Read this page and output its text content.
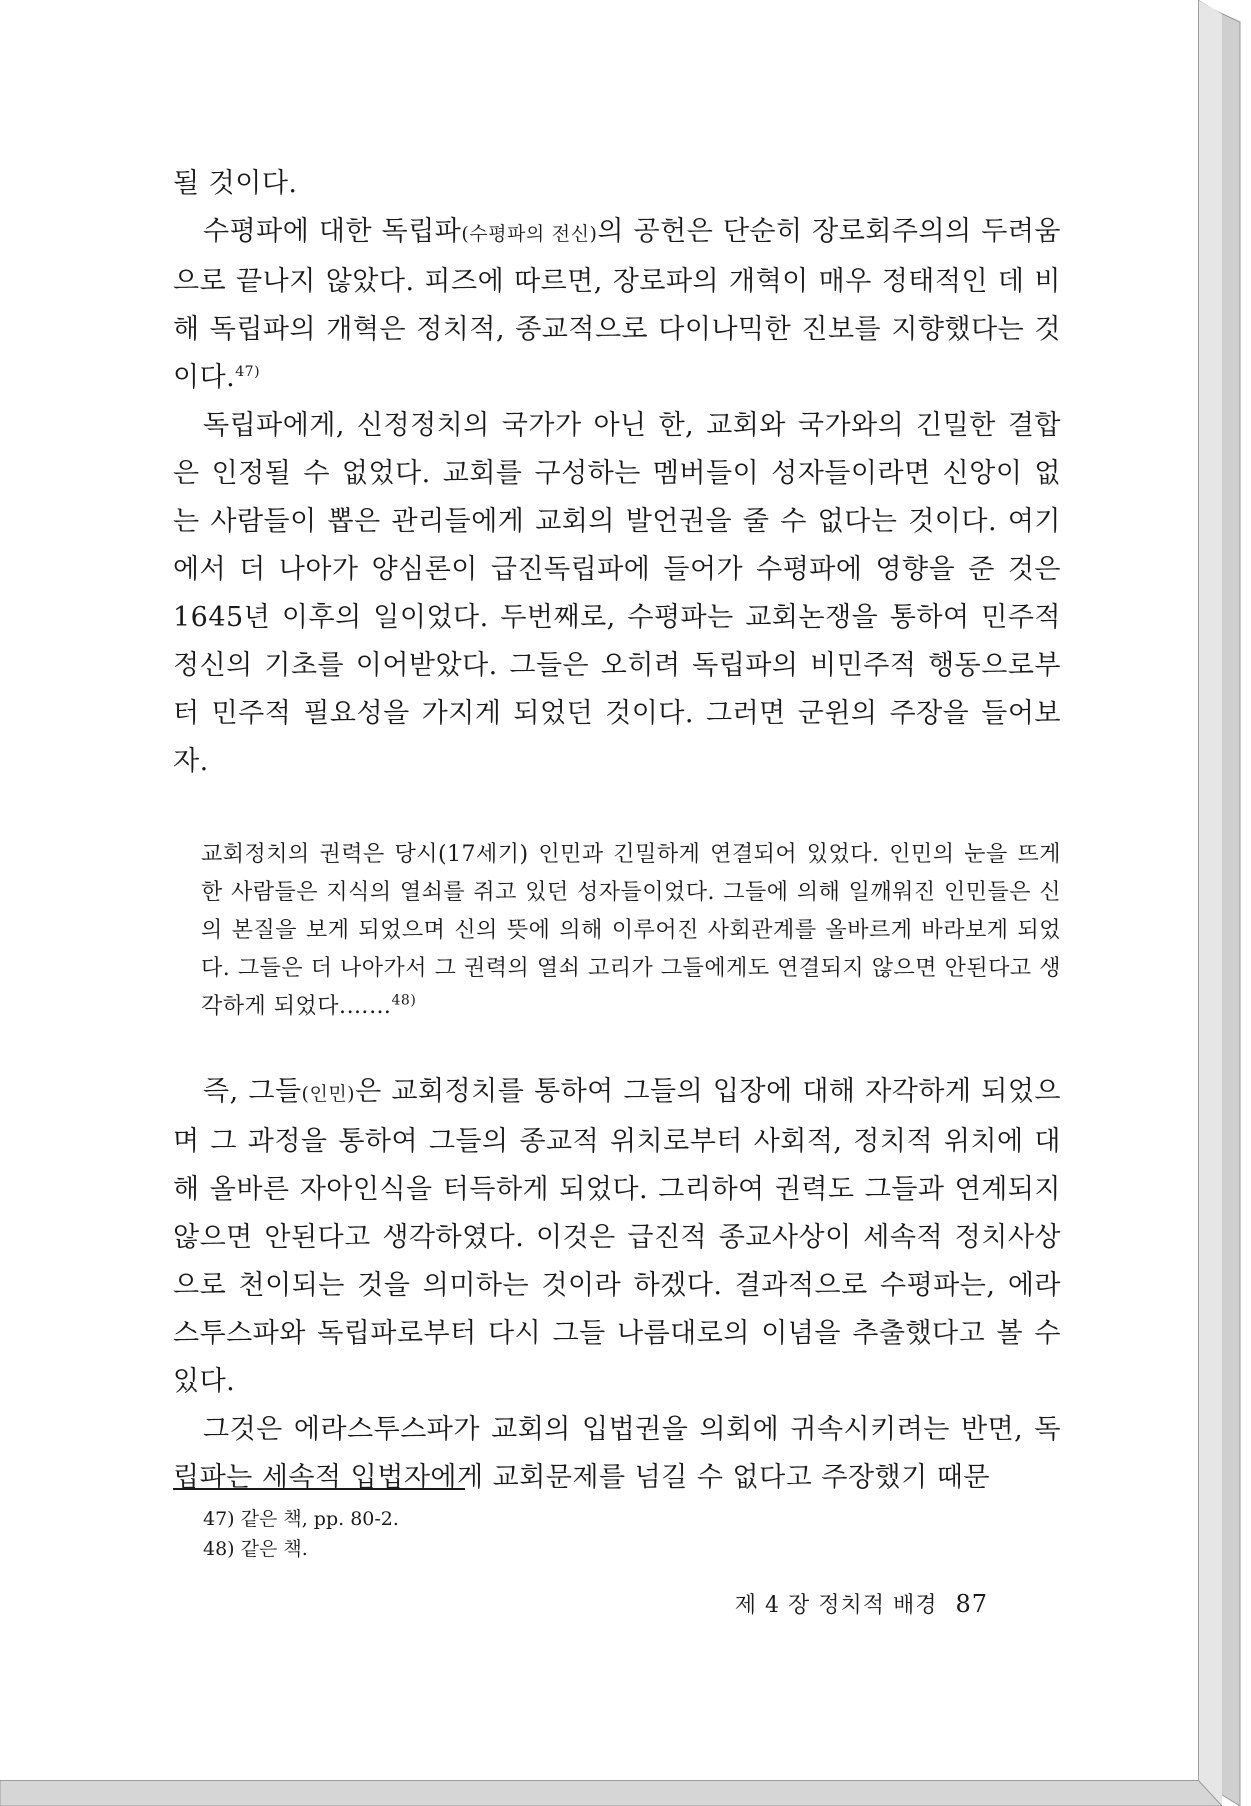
될 것이다.

수평파에 대한 독립파(수평파의 전신)의 공헌은 단순히 장로회주의의 두려움으로 끝나지 않았다. 피즈에 따르면, 장로파의 개혁이 매우 정태적인 데 비해 독립파의 개혁은 정치적, 종교적으로 다이나믹한 진보를 지향했다는 것이다.$^{47)}$

독립파에게, 신정정치의 국가가 아닌 한, 교회와 국가와의 긴밀한 결합은 인정될 수 없었다. 교회를 구성하는 멤버들이 성자들이라면 신앙이 없는 사람들이 뽑은 관리들에게 교회의 발언권을 줄 수 없다는 것이다. 여기에서 더 나아가 양심론이 급진독립파에 들어가 수평파에 영향을 준 것은 1645년 이후의 일이었다. 두번째로, 수평파는 교회논쟁을 통하여 민주적 정신의 기초를 이어받았다. 그들은 오히려 독립파의 비민주적 행동으로부터 민주적 필요성을 가지게 되었던 것이다. 그러면 군윈의 주장을 들어보자.

교회정치의 권력은 당시(17세기) 인민과 긴밀하게 연결되어 있었다. 인민의 눈을 뜨게 한 사람들은 지식의 열쇠를 쥐고 있던 성자들이었다. 그들에 의해 일깨워진 인민들은 신의 본질을 보게 되었으며 신의 뜻에 의해 이루어진 사회관계를 올바르게 바라보게 되었다. 그들은 더 나아가서 그 권력의 열쇠 고리가 그들에게도 연결되지 않으면 안된다고 생각하게 되었다.……$^{48)}$

즉, 그들(인민)은 교회정치를 통하여 그들의 입장에 대해 자각하게 되었으며 그 과정을 통하여 그들의 종교적 위치로부터 사회적, 정치적 위치에 대해 올바른 자아인식을 터득하게 되었다. 그리하여 권력도 그들과 연계되지 않으면 안된다고 생각하였다. 이것은 급진적 종교사상이 세속적 정치사상으로 천이되는 것을 의미하는 것이라 하겠다. 결과적으로 수평파는, 에라스투스파와 독립파로부터 다시 그들 나름대로의 이념을 추출했다고 볼 수 있다.

그것은 에라스투스파가 교회의 입법권을 의회에 귀속시키려는 반면, 독립파는 세속적 입법자에게 교회문제를 넘길 수 없다고 주장했기 때문

47) 같은 책, pp. 80-2.

48) 같은 책.

제 4 장 정치적 배경 87
